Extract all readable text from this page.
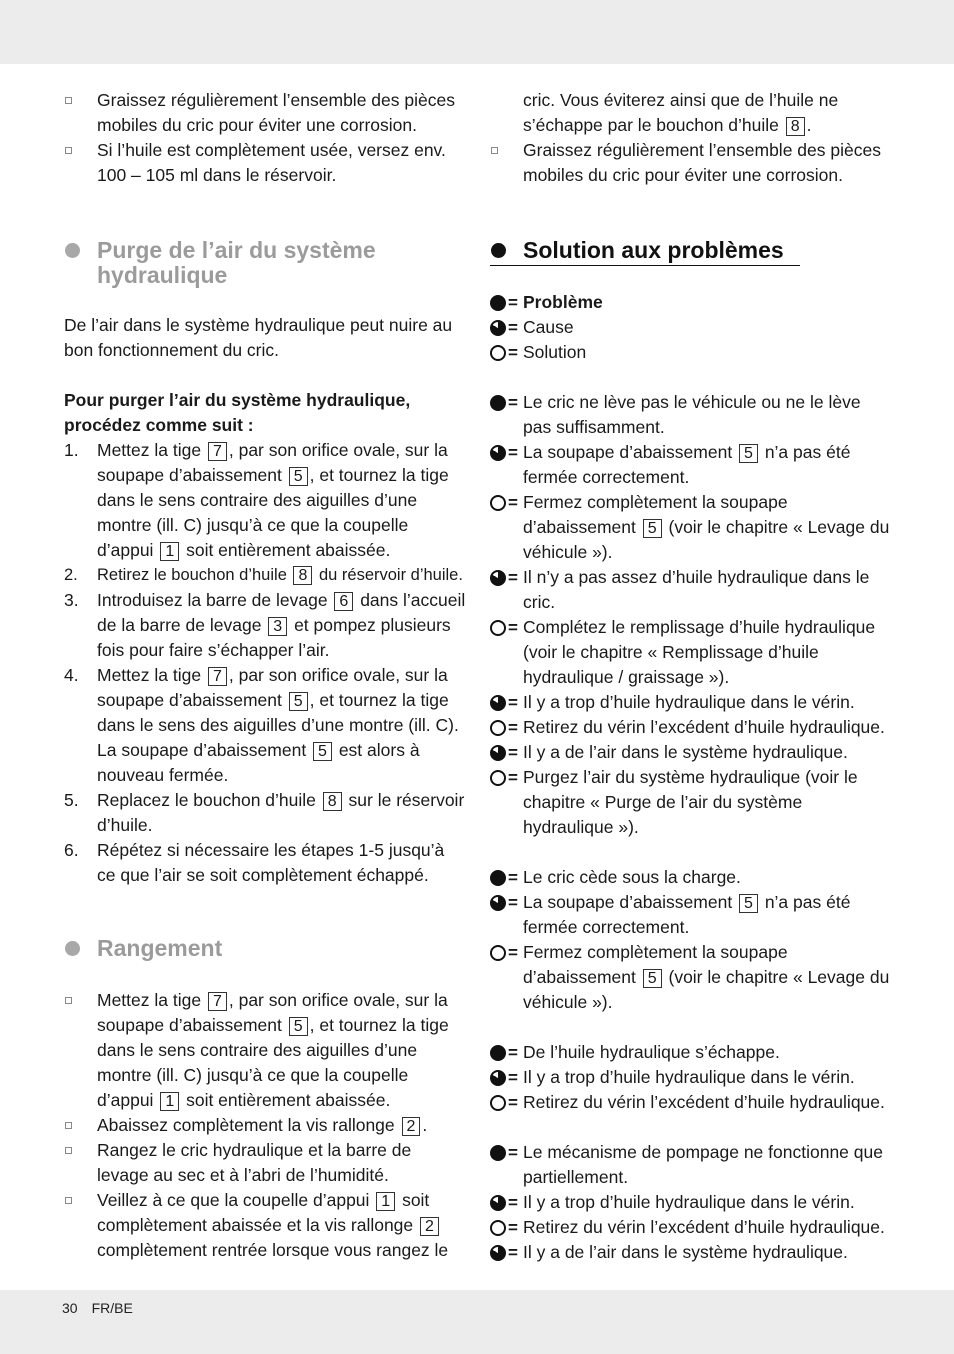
Graissez régulièrement l’ensemble des pièces mobiles du cric pour éviter une corrosion.
Si l’huile est complètement usée, versez env. 100 – 105 ml dans le réservoir.
Purge de l’air du système hydraulique

De l’air dans le système hydraulique peut nuire au bon fonctionnement du cric.

Pour purger l’air du système hydraulique, procédez comme suit :

1. Mettez la tige 7 , par son orifice ovale, sur la soupape d’abaissement 5 , et tournez la tige dans le sens contraire des aiguilles d’une montre (ill. C) jusqu’à ce que la coupelle d’appui 1 soit entièrement abaissée.
2. Retirez le bouchon d’huile 8 du réservoir d’huile.
3. Introduisez la barre de levage 6 dans l’accueil de la barre de levage 3 et pompez plusieurs fois pour faire s’échapper l’air.
4. Mettez la tige 7 , par son orifice ovale, sur la soupape d’abaissement 5 , et tournez la tige dans le sens des aiguilles d’une montre (ill. C). La soupape d’abaissement 5 est alors à nouveau fermée.
5. Replacez le bouchon d’huile 8 sur le réservoir d’huile.
6. Répétez si nécessaire les étapes 1-5 jusqu’à ce que l’air se soit complètement échappé.
Rangement
Mettez la tige 7 , par son orifice ovale, sur la soupape d’abaissement 5 , et tournez la tige dans le sens contraire des aiguilles d’une montre (ill. C) jusqu’à ce que la coupelle d’appui 1 soit entièrement abaissée.
Abaissez complètement la vis rallonge 2 .
Rangez le cric hydraulique et la barre de levage au sec et à l’abri de l’humidité.
Veillez à ce que la coupelle d’appui 1 soit complètement abaissée et la vis rallonge 2 complètement rentrée lorsque vous rangez le
cric. Vous éviterez ainsi que de l’huile ne s’échappe par le bouchon d’huile 8 .
Graissez régulièrement l’ensemble des pièces mobiles du cric pour éviter une corrosion.
Solution aux problèmes
= Problème
= Cause
= Solution
= Le cric ne lève pas le véhicule ou ne le lève pas suffisamment.
= La soupape d’abaissement 5 n’a pas été fermée correctement.
= Fermez complètement la soupape d’abaissement 5 (voir le chapitre « Levage du véhicule »).
= Il n’y a pas assez d’huile hydraulique dans le cric.
= Complétez le remplissage d’huile hydraulique (voir le chapitre « Remplissage d’huile hydraulique / graissage »).
= Il y a trop d’huile hydraulique dans le vérin.
= Retirez du vérin l’excédent d’huile hydraulique.
= Il y a de l’air dans le système hydraulique.
= Purgez l’air du système hydraulique (voir le chapitre « Purge de l’air du système hydraulique »).
= Le cric cède sous la charge.
= La soupape d’abaissement 5 n’a pas été fermée correctement.
= Fermez complètement la soupape d’abaissement 5 (voir le chapitre « Levage du véhicule »).
= De l’huile hydraulique s’échappe.
= Il y a trop d’huile hydraulique dans le vérin.
= Retirez du vérin l’excédent d’huile hydraulique.
= Le mécanisme de pompage ne fonctionne que partiellement.
= Il y a trop d’huile hydraulique dans le vérin.
= Retirez du vérin l’excédent d’huile hydraulique.
= Il y a de l’air dans le système hydraulique.
30 FR/BE
